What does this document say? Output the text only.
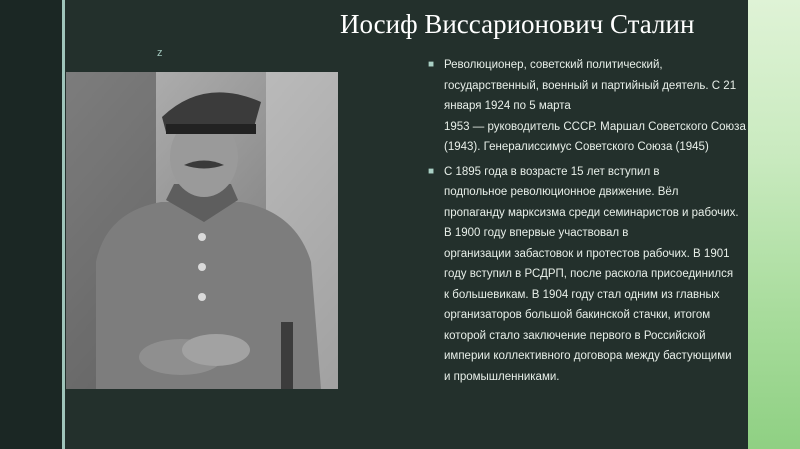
Иосиф Виссарионович Сталин
z
■ Революционер, советский политический,
государственный, военный и партийный деятель. С 21
января 1924 по 5 марта
1953 — руководитель СССР. Маршал Советского Союза
(1943). Генералиссимус Советского Союза (1945)
■ С 1895 года в возрасте 15 лет вступил в
подпольное революционное движение. Вёл
пропаганду марксизма среди семинаристов и рабочих.
В 1900 году впервые участвовал в
организации забастовок и протестов рабочих. В 1901
году вступил в РСДРП, после раскола присоединился
к большевикам. В 1904 году стал одним из главных
организаторов большой бакинской стачки, итогом
которой стало заключение первого в Российской
империи коллективного договора между бастующими
и промышленниками.
